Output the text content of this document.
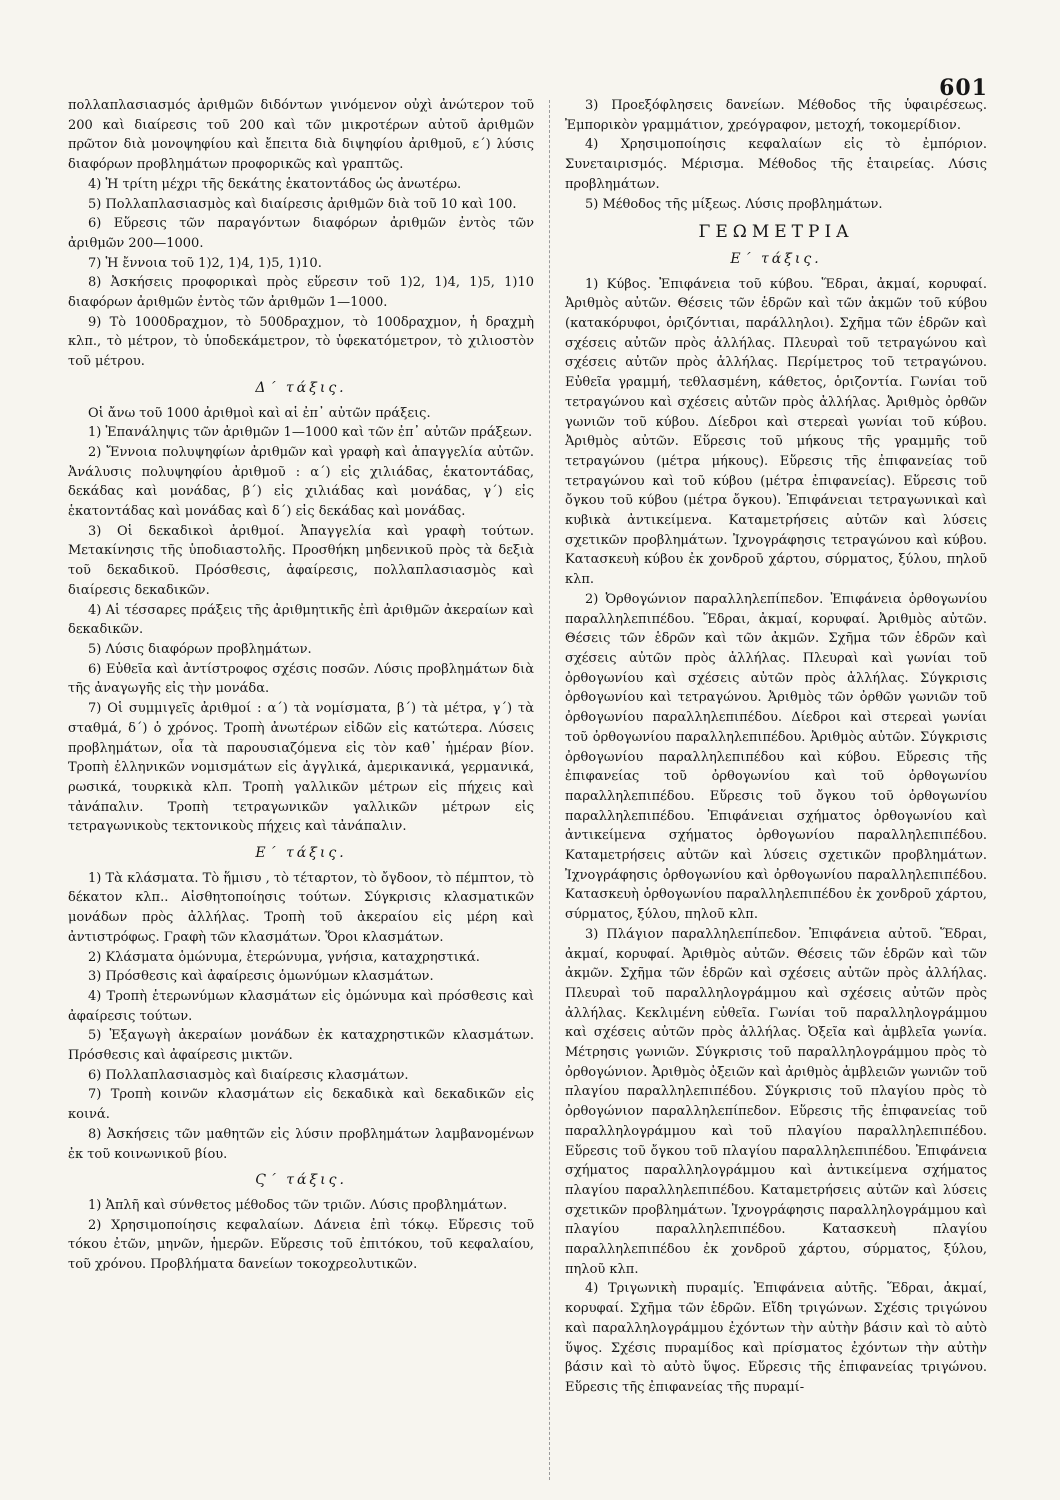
601

πολλαπλασιασμός ἀριθμῶν διδόντων γινόμενον οὐχὶ ἀνώτερον τοῦ 200 καὶ διαίρεσις τοῦ 200 καὶ τῶν μικροτέρων αὐτοῦ ἀριθμῶν πρῶτον διὰ μονοψηφίου καὶ ἔπειτα διὰ διψηφίου ἀριθμοῦ, ε΄) λύσις διαφόρων προβλημάτων προφορικῶς καὶ γραπτῶς.

4) Ἡ τρίτη μέχρι τῆς δεκάτης ἑκατοντάδος ὡς ἀνωτέρω.

5) Πολλαπλασιασμὸς καὶ διαίρεσις ἀριθμῶν διὰ τοῦ 10 καὶ 100.

6) Εὕρεσις τῶν παραγόντων διαφόρων ἀριθμῶν ἐντὸς τῶν ἀριθμῶν 200—1000.

7) Ἡ ἔννοια τοῦ 1)2, 1)4, 1)5, 1)10.

8) Ἀσκήσεις προφορικαὶ πρὸς εὕρεσιν τοῦ 1)2, 1)4, 1)5, 1)10 διαφόρων ἀριθμῶν ἐντὸς τῶν ἀριθμῶν 1—1000.

9) Τὸ 1000δραχμον, τὸ 500δραχμον, τὸ 100δραχμον, ἡ δραχμὴ κλπ., τὸ μέτρον, τὸ ὑποδεκάμετρον, τὸ ὑφεκατόμετρον, τὸ χιλιοστὸν τοῦ μέτρου.

Δ΄ τάξις.

Οἱ ἄνω τοῦ 1000 ἀριθμοὶ καὶ αἱ ἐπ᾽ αὐτῶν πράξεις.

1) Ἐπανάληψις τῶν ἀριθμῶν 1—1000 καὶ τῶν ἐπ᾽ αὐτῶν πράξεων.

2) Ἔννοια πολυψηφίων ἀριθμῶν καὶ γραφὴ καὶ ἀπαγγελία αὐτῶν. Ἀνάλυσις πολυψηφίου ἀριθμοῦ : α΄) εἰς χιλιάδας, ἑκατοντάδας, δεκάδας καὶ μονάδας, β΄) εἰς χιλιάδας καὶ μονάδας, γ΄) εἰς ἑκατοντάδας καὶ μονάδας καὶ δ΄) εἰς δεκάδας καὶ μονάδας.

3) Οἱ δεκαδικοὶ ἀριθμοί. Ἀπαγγελία καὶ γραφὴ τούτων. Μετακίνησις τῆς ὑποδιαστολῆς. Προσθήκη μηδενικοῦ πρὸς τὰ δεξιὰ τοῦ δεκαδικοῦ. Πρόσθεσις, ἀφαίρεσις, πολλαπλασιασμὸς καὶ διαίρεσις δεκαδικῶν.

4) Αἱ τέσσαρες πράξεις τῆς ἀριθμητικῆς ἐπὶ ἀριθμῶν ἀκεραίων καὶ δεκαδικῶν.

5) Λύσις διαφόρων προβλημάτων.

6) Εὐθεῖα καὶ ἀντίστροφος σχέσις ποσῶν. Λύσις προβλημάτων διὰ τῆς ἀναγωγῆς εἰς τὴν μονάδα.

7) Οἱ συμμιγεῖς ἀριθμοί : α΄) τὰ νομίσματα, β΄) τὰ μέτρα, γ΄) τὰ σταθμά, δ΄) ὁ χρόνος. Τροπὴ ἀνωτέρων εἰδῶν εἰς κατώτερα. Λύσεις προβλημάτων, οἷα τὰ παρουσιαζόμενα εἰς τὸν καθ᾽ ἡμέραν βίον. Τροπὴ ἑλληνικῶν νομισμάτων εἰς ἀγγλικά, ἀμερικανικά, γερμανικά, ρωσικά, τουρκικὰ κλπ. Τροπὴ γαλλικῶν μέτρων εἰς πήχεις καὶ τἀνάπαλιν. Τροπὴ τετραγωνικῶν γαλλικῶν μέτρων εἰς τετραγωνικοὺς τεκτονικοὺς πήχεις καὶ τἀνάπαλιν.

Ε΄ τάξις.

1) Τὰ κλάσματα. Τὸ ἥμισυ , τὸ τέταρτον, τὸ ὄγδοον, τὸ πέμπτον, τὸ δέκατον κλπ.. Αἰσθητοποίησις τούτων. Σύγκρισις κλασματικῶν μονάδων πρὸς ἀλλήλας. Τροπὴ τοῦ ἀκεραίου εἰς μέρη καὶ ἀντιστρόφως. Γραφὴ τῶν κλασμάτων. Ὅροι κλασμάτων.

2) Κλάσματα ὁμώνυμα, ἑτερώνυμα, γνήσια, καταχρηστικά.

3) Πρόσθεσις καὶ ἀφαίρεσις ὁμωνύμων κλασμάτων.

4) Τροπὴ ἑτερωνύμων κλασμάτων εἰς ὁμώνυμα καὶ πρόσθεσις καὶ ἀφαίρεσις τούτων.

5) Ἐξαγωγὴ ἀκεραίων μονάδων ἐκ καταχρηστικῶν κλασμάτων. Πρόσθεσις καὶ ἀφαίρεσις μικτῶν.

6) Πολλαπλασιασμὸς καὶ διαίρεσις κλασμάτων.

7) Τροπὴ κοινῶν κλασμάτων εἰς δεκαδικὰ καὶ δεκαδικῶν εἰς κοινά.

8) Ἀσκήσεις τῶν μαθητῶν εἰς λύσιν προβλημάτων λαμβανομένων ἐκ τοῦ κοινωνικοῦ βίου.

Ϛ΄ τάξις.

1) Ἁπλῆ καὶ σύνθετος μέθοδος τῶν τριῶν. Λύσις προβλημάτων.

2) Χρησιμοποίησις κεφαλαίων. Δάνεια ἐπὶ τόκῳ. Εὕρεσις τοῦ τόκου ἐτῶν, μηνῶν, ἡμερῶν. Εὕρεσις τοῦ ἐπιτόκου, τοῦ κεφαλαίου, τοῦ χρόνου. Προβλήματα δανείων τοκοχρεολυτικῶν.

3) Προεξόφλησεις δανείων. Μέθοδος τῆς ὑφαιρέσεως. Ἐμπορικὸν γραμμάτιον, χρεόγραφον, μετοχή, τοκομερίδιον.

4) Χρησιμοποίησις κεφαλαίων εἰς τὸ ἐμπόριον. Συνεταιρισμός. Μέρισμα. Μέθοδος τῆς ἑταιρείας. Λύσις προβλημάτων.

5) Μέθοδος τῆς μίξεως. Λύσις προβλημάτων.

ΓΕΩΜΕΤΡΙΑ
Ε΄ τάξις.

1) Κύβος. Ἐπιφάνεια τοῦ κύβου. Ἕδραι, ἀκμαί, κορυφαί. Ἀριθμὸς αὐτῶν. Θέσεις τῶν ἑδρῶν καὶ τῶν ἀκμῶν τοῦ κύβου (κατακόρυφοι, ὁριζόντιαι, παράλληλοι). Σχῆμα τῶν ἑδρῶν καὶ σχέσεις αὐτῶν πρὸς ἀλλήλας. Πλευραὶ τοῦ τετραγώνου καὶ σχέσεις αὐτῶν πρὸς ἀλλήλας. Περίμετρος τοῦ τετραγώνου. Εὐθεῖα γραμμή, τεθλασμένη, κάθετος, ὁριζοντία. Γωνίαι τοῦ τετραγώνου καὶ σχέσεις αὐτῶν πρὸς ἀλλήλας. Ἀριθμὸς ὀρθῶν γωνιῶν τοῦ κύβου. Δίεδροι καὶ στερεαὶ γωνίαι τοῦ κύβου. Ἀριθμὸς αὐτῶν. Εὕρεσις τοῦ μήκους τῆς γραμμῆς τοῦ τετραγώνου (μέτρα μήκους). Εὕρεσις τῆς ἐπιφανείας τοῦ τετραγώνου καὶ τοῦ κύβου (μέτρα ἐπιφανείας). Εὕρεσις τοῦ ὄγκου τοῦ κύβου (μέτρα ὄγκου). Ἐπιφάνειαι τετραγωνικαὶ καὶ κυβικὰ ἀντικείμενα. Καταμετρήσεις αὐτῶν καὶ λύσεις σχετικῶν προβλημάτων. Ἰχνογράφησις τετραγώνου καὶ κύβου. Κατασκευὴ κύβου ἐκ χονδροῦ χάρτου, σύρματος, ξύλου, πηλοῦ κλπ.

2) Ὀρθογώνιον παραλληλεπίπεδον. Ἐπιφάνεια ὀρθογωνίου παραλληλεπιπέδου. Ἕδραι, ἀκμαί, κορυφαί. Ἀριθμὸς αὐτῶν. Θέσεις τῶν ἑδρῶν καὶ τῶν ἀκμῶν. Σχῆμα τῶν ἑδρῶν καὶ σχέσεις αὐτῶν πρὸς ἀλλήλας. Πλευραὶ καὶ γωνίαι τοῦ ὀρθογωνίου καὶ σχέσεις αὐτῶν πρὸς ἀλλήλας. Σύγκρισις ὀρθογωνίου καὶ τετραγώνου. Ἀριθμὸς τῶν ὀρθῶν γωνιῶν τοῦ ὀρθογωνίου παραλληλεπιπέδου. Δίεδροι καὶ στερεαὶ γωνίαι τοῦ ὀρθογωνίου παραλληλεπιπέδου. Ἀριθμὸς αὐτῶν. Σύγκρισις ὀρθογωνίου παραλληλεπιπέδου καὶ κύβου. Εὕρεσις τῆς ἐπιφανείας τοῦ ὀρθογωνίου καὶ τοῦ ὀρθογωνίου παραλληλεπιπέδου. Εὕρεσις τοῦ ὄγκου τοῦ ὀρθογωνίου παραλληλεπιπέδου. Ἐπιφάνειαι σχήματος ὀρθογωνίου καὶ ἀντικείμενα σχήματος ὀρθογωνίου παραλληλεπιπέδου. Καταμετρήσεις αὐτῶν καὶ λύσεις σχετικῶν προβλημάτων. Ἰχνογράφησις ὀρθογωνίου καὶ ὀρθογωνίου παραλληλεπιπέδου. Κατασκευὴ ὀρθογωνίου παραλληλεπιπέδου ἐκ χονδροῦ χάρτου, σύρματος, ξύλου, πηλοῦ κλπ.

3) Πλάγιον παραλληλεπίπεδον. Ἐπιφάνεια αὐτοῦ. Ἕδραι, ἀκμαί, κορυφαί. Ἀριθμὸς αὐτῶν. Θέσεις τῶν ἑδρῶν καὶ τῶν ἀκμῶν. Σχῆμα τῶν ἑδρῶν καὶ σχέσεις αὐτῶν πρὸς ἀλλήλας. Πλευραὶ τοῦ παραλληλογράμμου καὶ σχέσεις αὐτῶν πρὸς ἀλλήλας. Κεκλιμένη εὐθεῖα. Γωνίαι τοῦ παραλληλογράμμου καὶ σχέσεις αὐτῶν πρὸς ἀλλήλας. Ὀξεῖα καὶ ἀμβλεῖα γωνία. Μέτρησις γωνιῶν. Σύγκρισις τοῦ παραλληλογράμμου πρὸς τὸ ὀρθογώνιον. Ἀριθμὸς ὀξειῶν καὶ ἀριθμὸς ἀμβλειῶν γωνιῶν τοῦ πλαγίου παραλληλεπιπέδου. Σύγκρισις τοῦ πλαγίου πρὸς τὸ ὀρθογώνιον παραλληλεπίπεδον. Εὕρεσις τῆς ἐπιφανείας τοῦ παραλληλογράμμου καὶ τοῦ πλαγίου παραλληλεπιπέδου. Εὕρεσις τοῦ ὄγκου τοῦ πλαγίου παραλληλεπιπέδου. Ἐπιφάνεια σχήματος παραλληλογράμμου καὶ ἀντικείμενα σχήματος πλαγίου παραλληλεπιπέδου. Καταμετρήσεις αὐτῶν καὶ λύσεις σχετικῶν προβλημάτων. Ἰχνογράφησις παραλληλογράμμου καὶ πλαγίου παραλληλεπιπέδου. Κατασκευὴ πλαγίου παραλληλεπιπέδου ἐκ χονδροῦ χάρτου, σύρματος, ξύλου, πηλοῦ κλπ.

4) Τριγωνικὴ πυραμίς. Ἐπιφάνεια αὐτῆς. Ἕδραι, ἀκμαί, κορυφαί. Σχῆμα τῶν ἑδρῶν. Εἴδη τριγώνων. Σχέσις τριγώνου καὶ παραλληλογράμμου ἐχόντων τὴν αὐτὴν βάσιν καὶ τὸ αὐτὸ ὕψος. Σχέσις πυραμίδος καὶ πρίσματος ἐχόντων τὴν αὐτὴν βάσιν καὶ τὸ αὐτὸ ὕψος. Εὕρεσις τῆς ἐπιφανείας τριγώνου. Εὕρεσις τῆς ἐπιφανείας τῆς πυραμί-
